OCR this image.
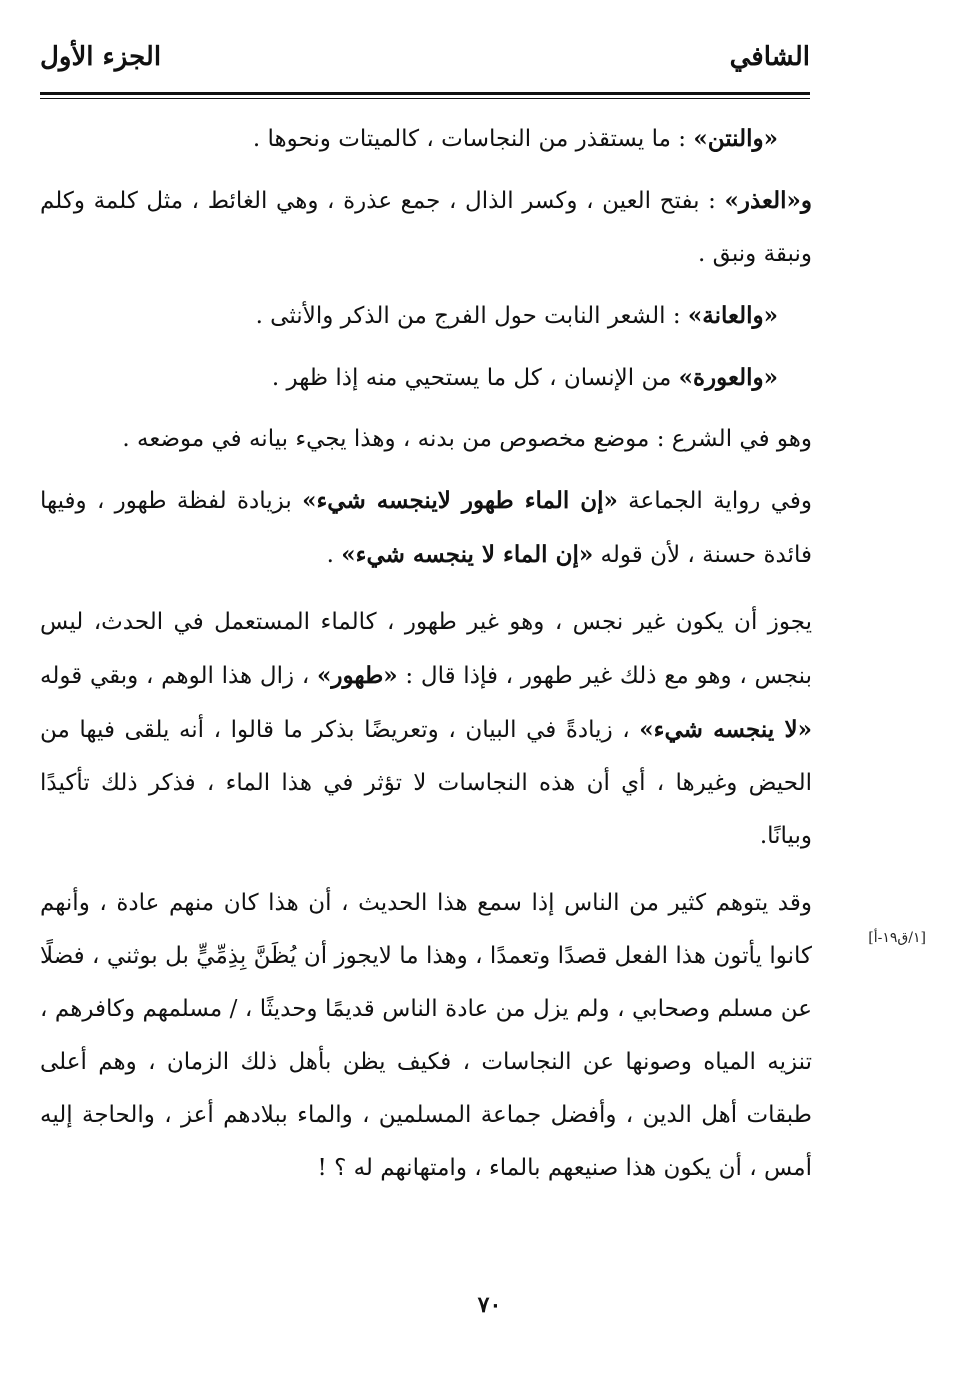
الشافي
الجزء الأول

«والنتن» : ما يستقذر من النجاسات ، كالميتات ونحوها .

و«العذر» : بفتح العين ، وكسر الذال ، جمع عذرة ، وهي الغائط ، مثل كلمة وكلم ونبقة ونبق .

«والعانة» : الشعر النابت حول الفرج من الذكر والأنثى .

«والعورة» من الإنسان ، كل ما يستحيي منه إذا ظهر .

وهو في الشرع : موضع مخصوص من بدنه ، وهذا يجيء بيانه في موضعه .

وفي رواية الجماعة «إن الماء طهور لاينجسه شيء» بزيادة لفظة طهور ، وفيها فائدة حسنة ، لأن قوله «إن الماء لا ينجسه شيء» .

يجوز أن يكون غير نجس ، وهو غير طهور ، كالماء المستعمل في الحدث، ليس بنجس ، وهو مع ذلك غير طهور ، فإذا قال : «طهور» ، زال هذا الوهم ، وبقي قوله «لا ينجسه شيء» ، زيادةً في البيان ، وتعريضًا بذكر ما قالوا ، أنه يلقى فيها من الحيض وغيرها ، أي أن هذه النجاسات لا تؤثر في هذا الماء ، فذكر ذلك تأكيدًا وبيانًا.

وقد يتوهم كثير من الناس إذا سمع هذا الحديث ، أن هذا كان منهم عادة ، وأنهم كانوا يأتون هذا الفعل قصدًا وتعمدًا ، وهذا ما لايجوز أن يُظَنَّ بِذِمِّيٍّ بل بوثني ، فضلًا عن مسلم وصحابي ، ولم يزل من عادة الناس قديمًا وحديثًا ، / مسلمهم وكافرهم ، تنزيه المياه وصونها عن النجاسات ، فكيف يظن بأهل ذلك الزمان ، وهم أعلى طبقات أهل الدين ، وأفضل جماعة المسلمين ، والماء ببلادهم أعز ، والحاجة إليه أمس ، أن يكون هذا صنيعهم بالماء ، وامتهانهم له ؟ !

[١/ق١٩-أ]
٧٠
